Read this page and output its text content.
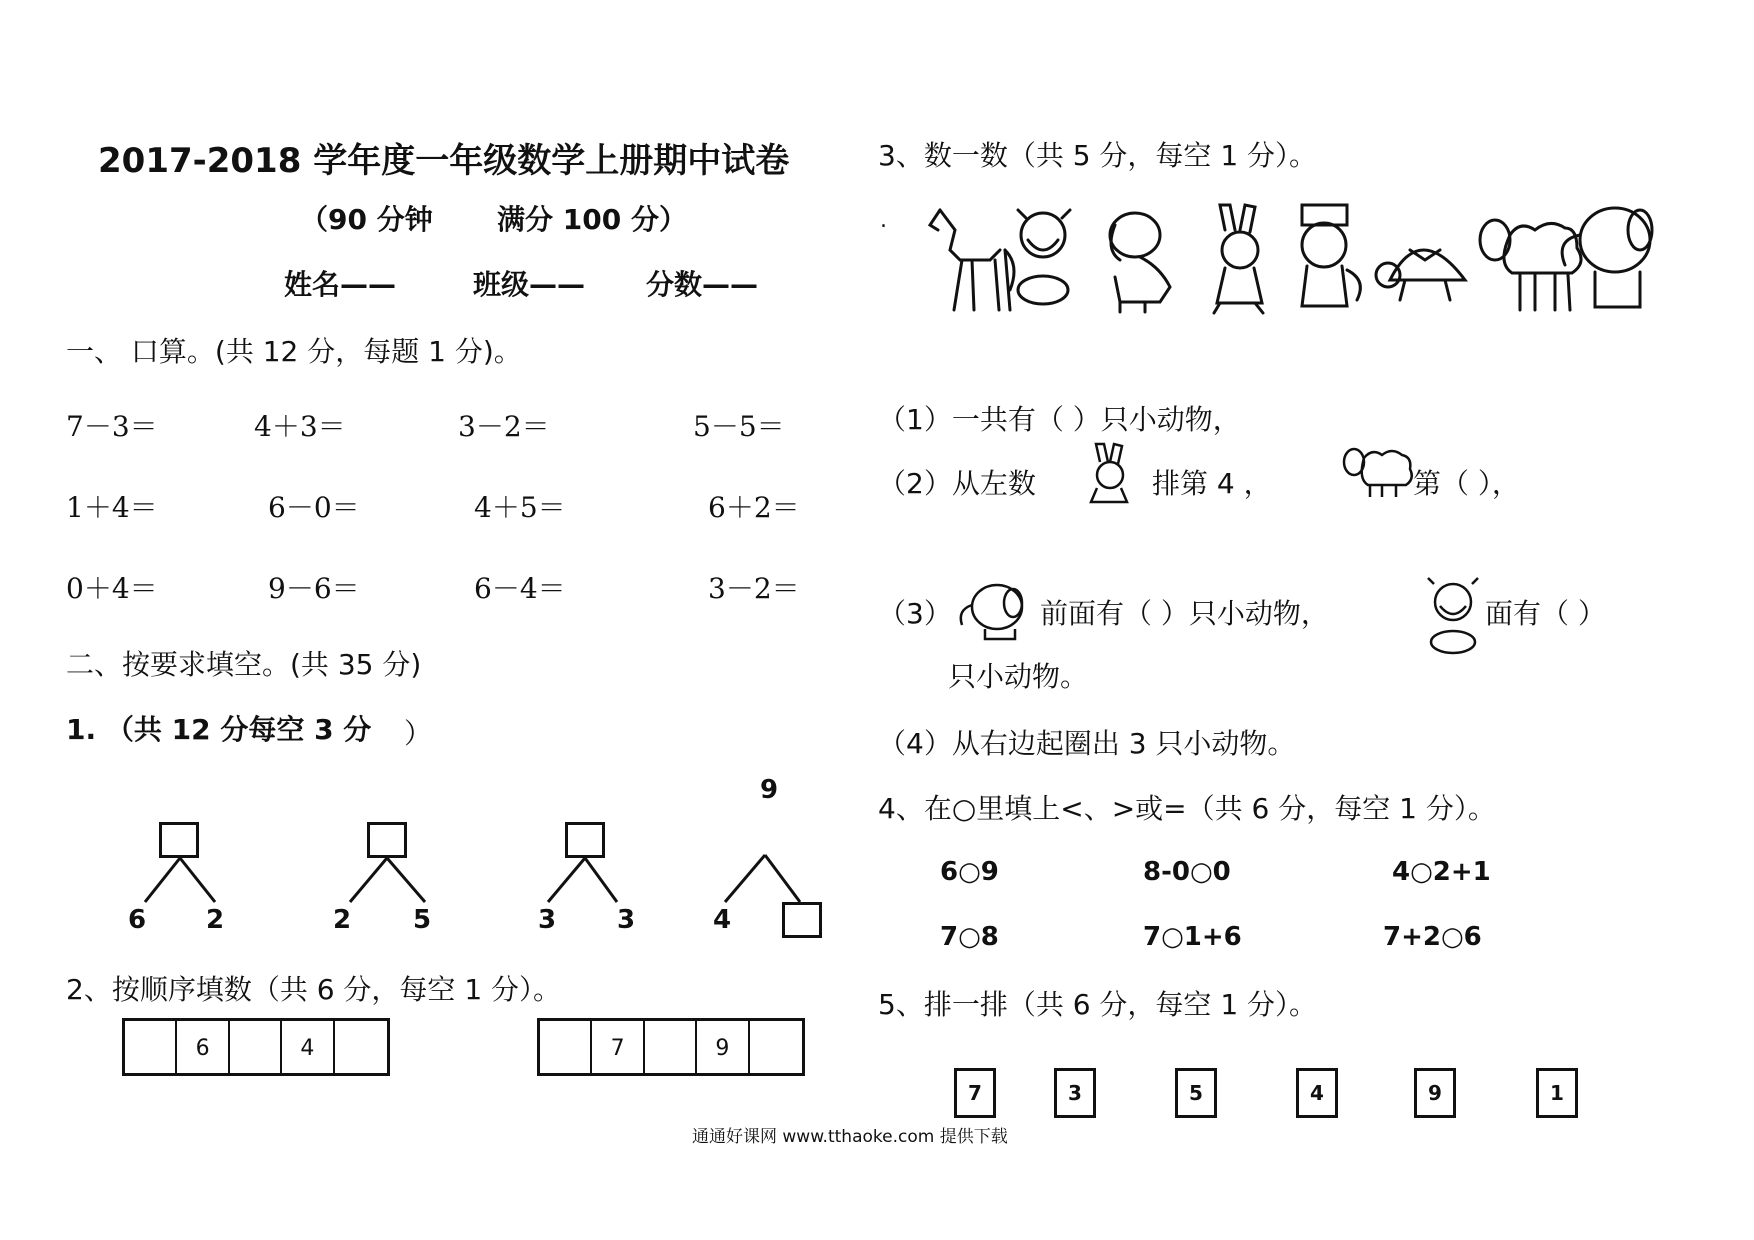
2017-2018 学年度一年级数学上册期中试卷
（90 分钟 满分 100 分）
姓名——	班级—— 分数——
一、 口算。(共 12 分，每题 1 分)。
7－3＝	4＋3＝	3－2＝	5－5＝
1＋4＝	6－0＝	4＋5＝	6＋2＝
0＋4＝	9－6＝	6－4＝	3－2＝
二、按要求填空。(共 35 分)
1. （共 12 分每空 3 分 ）
6 2	2 5	3 3	4
9
2、按顺序填数（共 6 分，每空 1 分）。
6	4	7	9
3、数一数（共 5 分，每空 1 分）。
.
（1）一共有（ ）只小动物，
（2）从左数	排第 4 ，	第（ ），
（3）	前面有（ ）只小动物，	面有（ ）
只小动物。
（4）从右边起圈出 3 只小动物。
4、在○里填上<、>或=（共 6 分，每空 1 分）。
6○9	8-0○0	4○2+1
7○8	7○1+6	7+2○6
5、排一排（共 6 分，每空 1 分）。
7	3	5	4	9	1
通通好课网 www.tthaoke.com 提供下载
